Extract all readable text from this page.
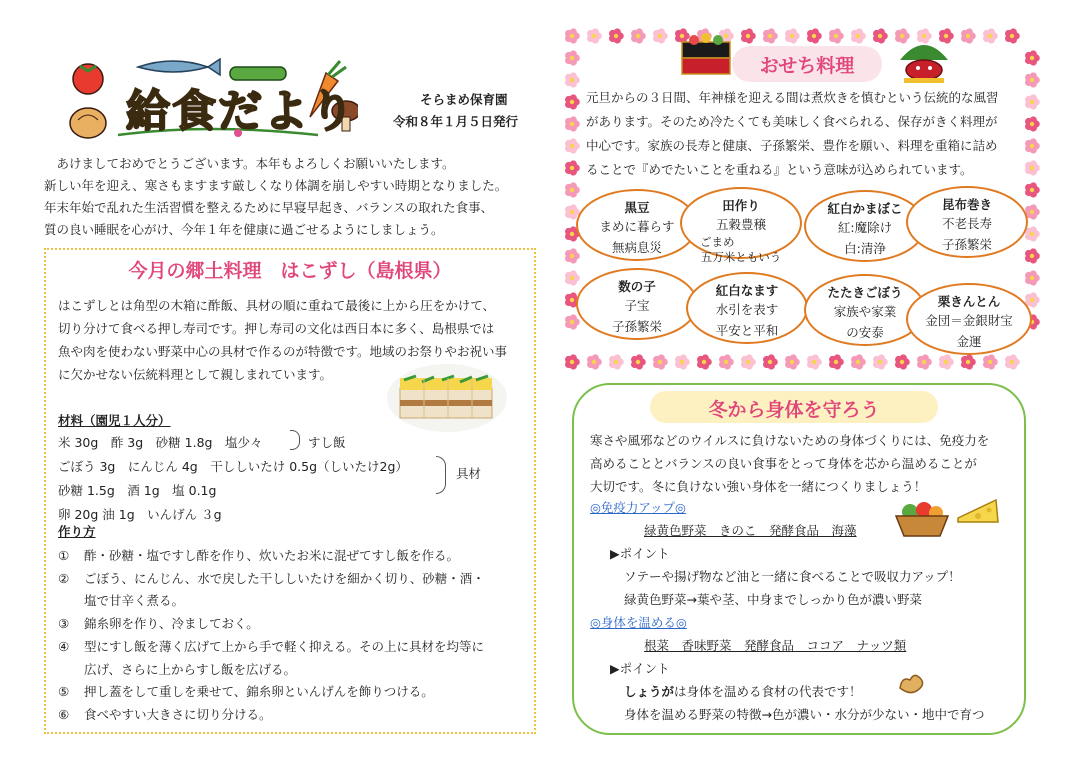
給食だより	そらまめ保育園
令和８年１月５日発行

　あけましておめでとうございます。本年もよろしくお願いいたします。

新しい年を迎え、寒さもますます厳しくなり体調を崩しやすい時期となりました。

年末年始で乱れた生活習慣を整えるために早寝早起き、バランスの取れた食事、

質の良い睡眠を心がけ、今年１年を健康に過ごせるようにしましょう。

今月の郷土料理　はこずし（島根県）

はこずしとは角型の木箱に酢飯、具材の順に重ねて最後に上から圧をかけて、

切り分けて食べる押し寿司です。押し寿司の文化は西日本に多く、島根県では

魚や肉を使わない野菜中心の具材で作るのが特徴です。地域のお祭りやお祝い事

に欠かせない伝統料理として親しまれています。

材料（園児１人分）
米 30g　酢 3g　砂糖 1.8g　塩少々
ごぼう 3g　にんじん 4g　干ししいたけ 0.5g（しいたけ2g）
砂糖 1.5g　酒 1g　塩 0.1g
卵 20g 油 1g　いんげん ３g
すし飯
具材
作り方
① 酢・砂糖・塩ですし酢を作り、炊いたお米に混ぜてすし飯を作る。
② ごぼう、にんじん、水で戻した干ししいたけを細かく切り、砂糖・酒・
塩で甘辛く煮る。
③ 錦糸卵を作り、冷ましておく。
④ 型にすし飯を薄く広げて上から手で軽く抑える。その上に具材を均等に
広げ、さらに上からすし飯を広げる。
⑤ 押し蓋をして重しを乗せて、錦糸卵といんげんを飾りつける。
⑥ 食べやすい大きさに切り分ける。
おせち料理

元旦からの３日間、年神様を迎える間は煮炊きを慎むという伝統的な風習

があります。そのため冷たくても美味しく食べられる、保存がきく料理が

中心です。家族の長寿と健康、子孫繁栄、豊作を願い、料理を重箱に詰め

ることで『めでたいことを重ねる』という意味が込められています。

黒豆
まめに暮らす
無病息災
田作り
五穀豊穣
ごまめ
五万米ともいう
紅白かまぼこ
紅:魔除け
白:清浄
昆布巻き
不老長寿
子孫繁栄
数の子
子宝
子孫繁栄
紅白なます
水引を表す
平安と平和
たたきごぼう
家族や家業
の安泰
栗きんとん
金団＝金銀財宝
金運
冬から身体を守ろう

寒さや風邪などのウイルスに負けないための身体づくりには、免疫力を

高めることとバランスの良い食事をとって身体を芯から温めることが

大切です。冬に負けない強い身体を一緒につくりましょう！

◎免疫力アップ◎
緑黄色野菜　きのこ　発酵食品　海藻
▶ポイント
ソテーや揚げ物など油と一緒に食べることで吸収力アップ！
緑黄色野菜→葉や茎、中身までしっかり色が濃い野菜
◎身体を温める◎
根菜　香味野菜　発酵食品　ココア　ナッツ類
▶ポイント
しょうがは身体を温める食材の代表です！
身体を温める野菜の特徴→色が濃い・水分が少ない・地中で育つ
